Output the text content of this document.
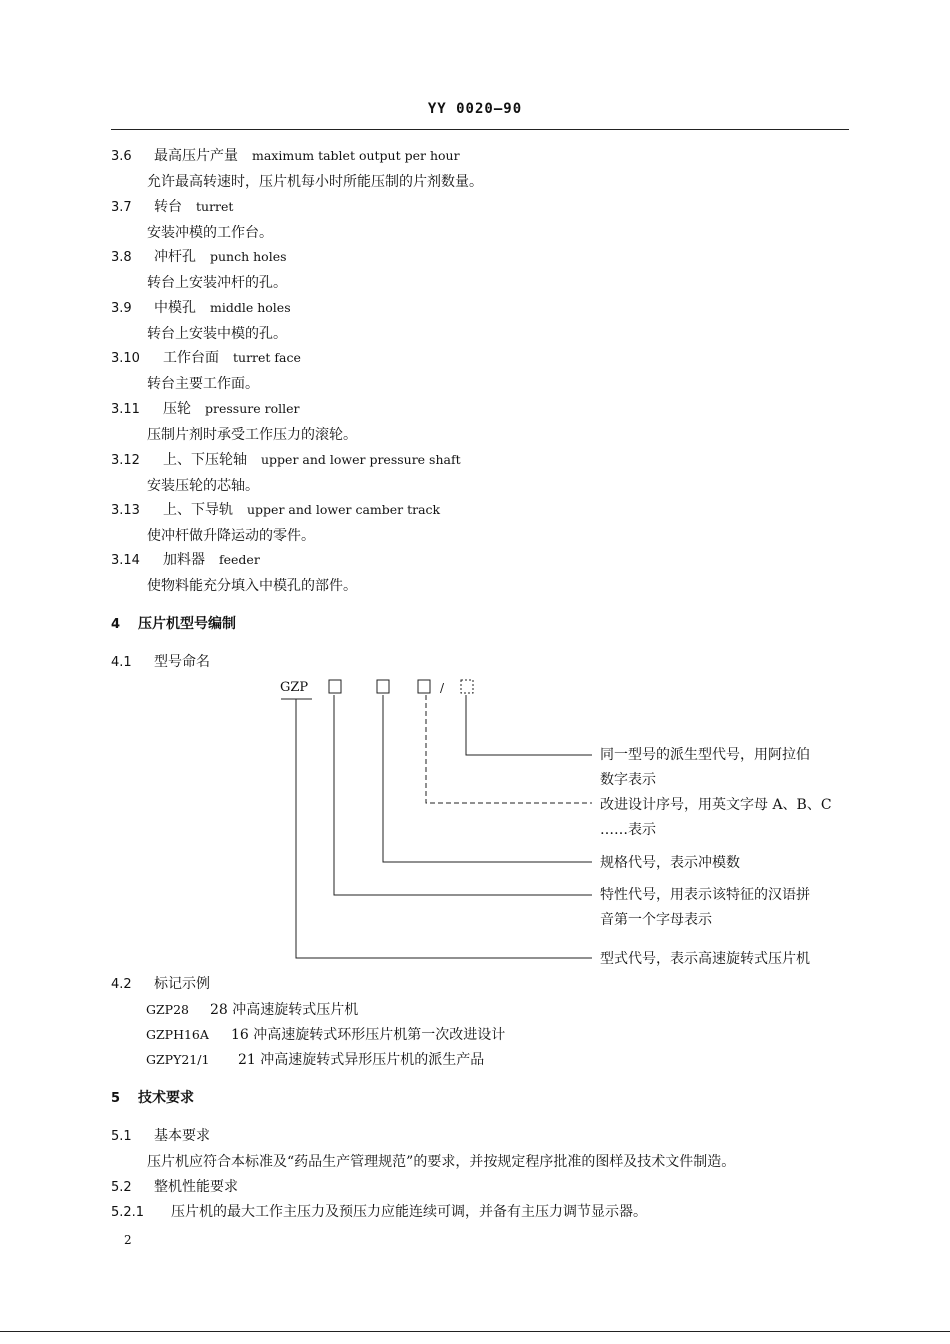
YY 0020—90
3.6 最高压片产量 maximum tablet output per hour
允许最高转速时，压片机每小时所能压制的片剂数量。
3.7 转台 turret
安装冲模的工作台。
3.8 冲杆孔 punch holes
转台上安装冲杆的孔。
3.9 中模孔 middle holes
转台上安装中模的孔。
3.10 工作台面 turret face
转台主要工作面。
3.11 压轮 pressure roller
压制片剂时承受工作压力的滚轮。
3.12 上、下压轮轴 upper and lower pressure shaft
安装压轮的芯轴。
3.13 上、下导轨 upper and lower camber track
使冲杆做升降运动的零件。
3.14 加料器 feeder
使物料能充分填入中模孔的部件。
4 压片机型号编制
4.1 型号命名
GZP	/
同一型号的派生型代号，用阿拉伯
数字表示
改进设计序号，用英文字母 A、B、C
……表示
规格代号，表示冲模数
特性代号，用表示该特征的汉语拼
音第一个字母表示
型式代号，表示高速旋转式压片机
4.2 标记示例
GZP28 28 冲高速旋转式压片机
GZPH16A 16 冲高速旋转式环形压片机第一次改进设计
GZPY21/1 21 冲高速旋转式异形压片机的派生产品
5 技术要求
5.1 基本要求
压片机应符合本标准及“药品生产管理规范”的要求，并按规定程序批准的图样及技术文件制造。
5.2 整机性能要求
5.2.1 压片机的最大工作主压力及预压力应能连续可调，并备有主压力调节显示器。
2
